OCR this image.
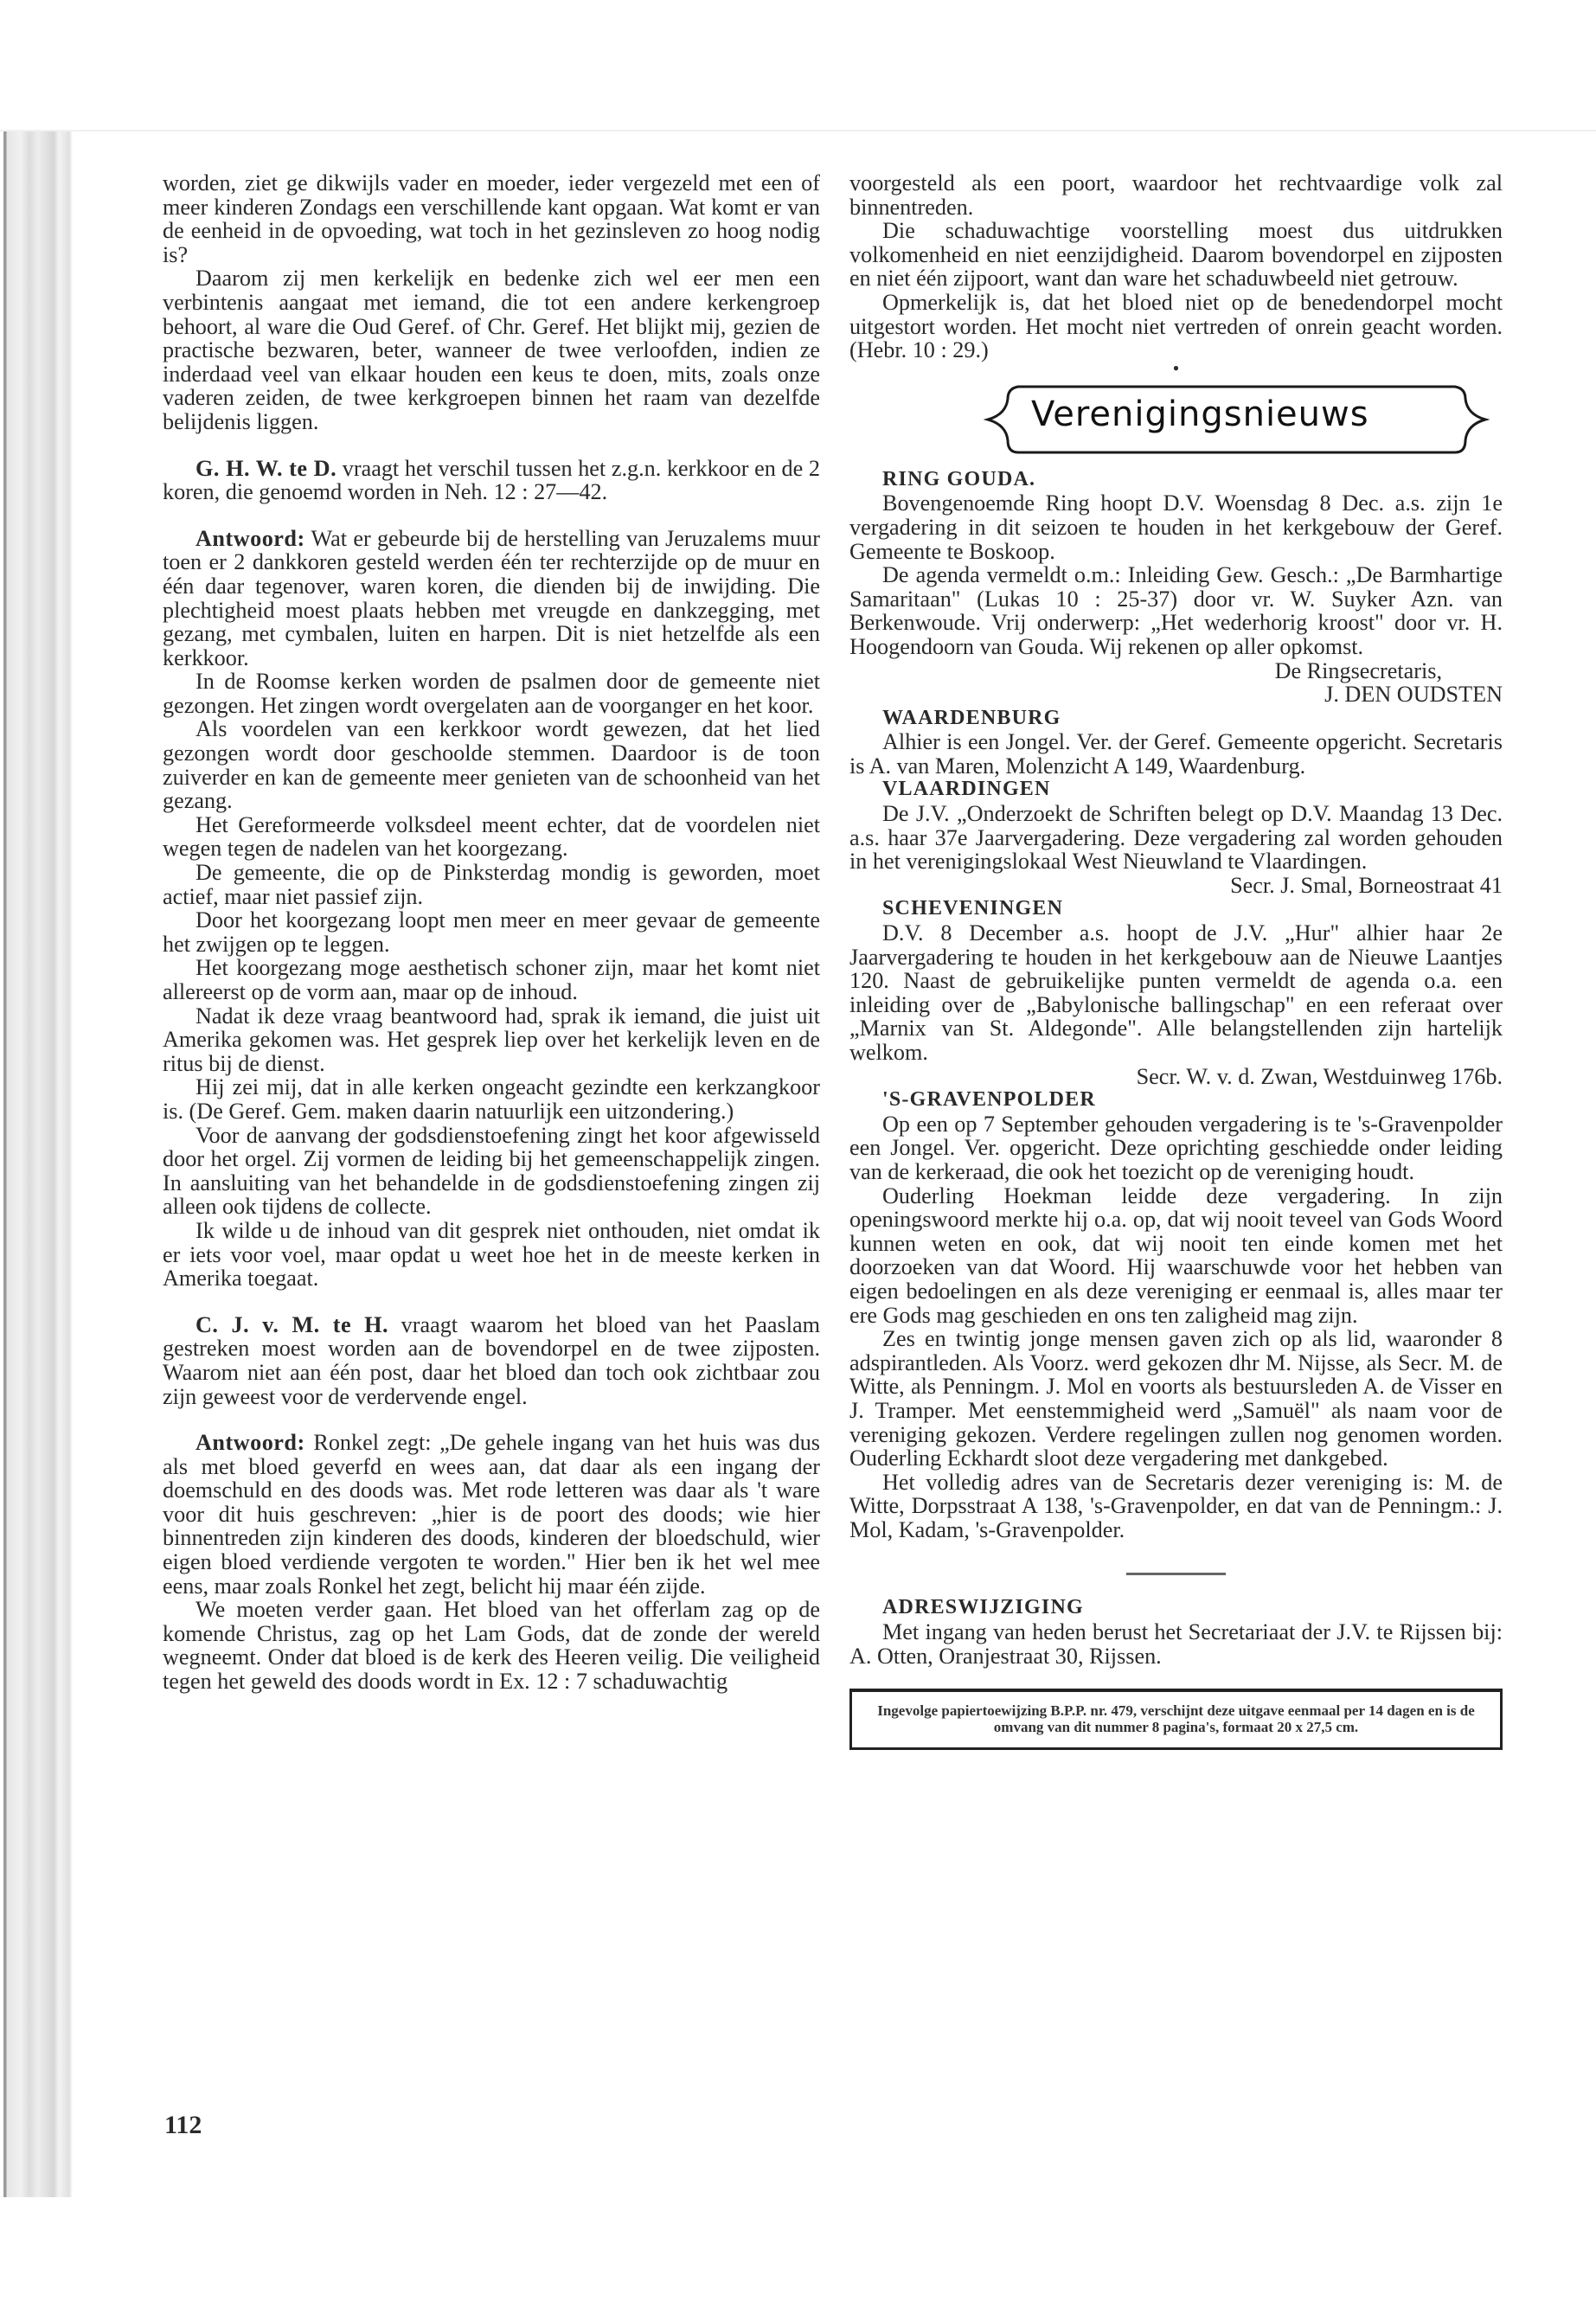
worden, ziet ge dikwijls vader en moeder, ieder vergezeld met een of meer kinderen Zondags een verschillende kant opgaan. Wat komt er van de eenheid in de opvoeding, wat toch in het gezinsleven zo hoog nodig is?

Daarom zij men kerkelijk en bedenke zich wel eer men een verbintenis aangaat met iemand, die tot een andere kerkengroep behoort, al ware die Oud Geref. of Chr. Geref. Het blijkt mij, gezien de practische bezwaren, beter, wanneer de twee verloofden, indien ze inderdaad veel van elkaar houden een keus te doen, mits, zoals onze vaderen zeiden, de twee kerkgroepen binnen het raam van dezelfde belijdenis liggen.

G. H. W. te D. vraagt het verschil tussen het z.g.n. kerkkoor en de 2 koren, die genoemd worden in Neh. 12 : 27—42.

Antwoord: Wat er gebeurde bij de herstelling van Jeruzalems muur toen er 2 dankkoren gesteld werden één ter rechterzijde op de muur en één daar tegenover, waren koren, die dienden bij de inwijding. Die plechtigheid moest plaats hebben met vreugde en dankzegging, met gezang, met cymbalen, luiten en harpen. Dit is niet hetzelfde als een kerkkoor.

In de Roomse kerken worden de psalmen door de gemeente niet gezongen. Het zingen wordt overgelaten aan de voorganger en het koor.

Als voordelen van een kerkkoor wordt gewezen, dat het lied gezongen wordt door geschoolde stemmen. Daardoor is de toon zuiverder en kan de gemeente meer genieten van de schoonheid van het gezang.

Het Gereformeerde volksdeel meent echter, dat de voordelen niet wegen tegen de nadelen van het koorgezang.

De gemeente, die op de Pinksterdag mondig is geworden, moet actief, maar niet passief zijn.

Door het koorgezang loopt men meer en meer gevaar de gemeente het zwijgen op te leggen.

Het koorgezang moge aesthetisch schoner zijn, maar het komt niet allereerst op de vorm aan, maar op de inhoud.

Nadat ik deze vraag beantwoord had, sprak ik iemand, die juist uit Amerika gekomen was. Het gesprek liep over het kerkelijk leven en de ritus bij de dienst.

Hij zei mij, dat in alle kerken ongeacht gezindte een kerkzangkoor is. (De Geref. Gem. maken daarin natuurlijk een uitzondering.)

Voor de aanvang der godsdienstoefening zingt het koor afgewisseld door het orgel. Zij vormen de leiding bij het gemeenschappelijk zingen. In aansluiting van het behandelde in de godsdienstoefening zingen zij alleen ook tijdens de collecte.

Ik wilde u de inhoud van dit gesprek niet onthouden, niet omdat ik er iets voor voel, maar opdat u weet hoe het in de meeste kerken in Amerika toegaat.

C. J. v. M. te H. vraagt waarom het bloed van het Paaslam gestreken moest worden aan de bovendorpel en de twee zijposten. Waarom niet aan één post, daar het bloed dan toch ook zichtbaar zou zijn geweest voor de verdervende engel.

Antwoord: Ronkel zegt: „De gehele ingang van het huis was dus als met bloed geverfd en wees aan, dat daar als een ingang der doemschuld en des doods was. Met rode letteren was daar als 't ware voor dit huis geschreven: „hier is de poort des doods; wie hier binnentreden zijn kinderen des doods, kinderen der bloedschuld, wier eigen bloed verdiende vergoten te worden." Hier ben ik het wel mee eens, maar zoals Ronkel het zegt, belicht hij maar één zijde.

We moeten verder gaan. Het bloed van het offerlam zag op de komende Christus, zag op het Lam Gods, dat de zonde der wereld wegneemt. Onder dat bloed is de kerk des Heeren veilig. Die veiligheid tegen het geweld des doods wordt in Ex. 12 : 7 schaduwachtig

voorgesteld als een poort, waardoor het rechtvaardige volk zal binnentreden.

Die schaduwachtige voorstelling moest dus uitdrukken volkomenheid en niet eenzijdigheid. Daarom bovendorpel en zijposten en niet één zijpoort, want dan ware het schaduwbeeld niet getrouw.

Opmerkelijk is, dat het bloed niet op de benedendorpel mocht uitgestort worden. Het mocht niet vertreden of onrein geacht worden. (Hebr. 10 : 29.)

•

Verenigingsnieuws

RING GOUDA.

Bovengenoemde Ring hoopt D.V. Woensdag 8 Dec. a.s. zijn 1e vergadering in dit seizoen te houden in het kerkgebouw der Geref. Gemeente te Boskoop.

De agenda vermeldt o.m.: Inleiding Gew. Gesch.: „De Barmhartige Samaritaan" (Lukas 10 : 25-37) door vr. W. Suyker Azn. van Berkenwoude. Vrij onderwerp: „Het wederhorig kroost" door vr. H. Hoogendoorn van Gouda. Wij rekenen op aller opkomst.

De Ringsecretaris,

J. DEN OUDSTEN

WAARDENBURG

Alhier is een Jongel. Ver. der Geref. Gemeente opgericht. Secretaris is A. van Maren, Molenzicht A 149, Waardenburg.

VLAARDINGEN

De J.V. „Onderzoekt de Schriften belegt op D.V. Maandag 13 Dec. a.s. haar 37e Jaarvergadering. Deze vergadering zal worden gehouden in het verenigingslokaal West Nieuwland te Vlaardingen.

Secr. J. Smal, Borneostraat 41

SCHEVENINGEN

D.V. 8 December a.s. hoopt de J.V. „Hur" alhier haar 2e Jaarvergadering te houden in het kerkgebouw aan de Nieuwe Laantjes 120. Naast de gebruikelijke punten vermeldt de agenda o.a. een inleiding over de „Babylonische ballingschap" en een referaat over „Marnix van St. Aldegonde". Alle belangstellenden zijn hartelijk welkom.

Secr. W. v. d. Zwan, Westduinweg 176b.

'S-GRAVENPOLDER

Op een op 7 September gehouden vergadering is te 's-Gravenpolder een Jongel. Ver. opgericht. Deze oprichting geschiedde onder leiding van de kerkeraad, die ook het toezicht op de vereniging houdt.

Ouderling Hoekman leidde deze vergadering. In zijn openingswoord merkte hij o.a. op, dat wij nooit teveel van Gods Woord kunnen weten en ook, dat wij nooit ten einde komen met het doorzoeken van dat Woord. Hij waarschuwde voor het hebben van eigen bedoelingen en als deze vereniging er eenmaal is, alles maar ter ere Gods mag geschieden en ons ten zaligheid mag zijn.

Zes en twintig jonge mensen gaven zich op als lid, waaronder 8 adspirantleden. Als Voorz. werd gekozen dhr M. Nijsse, als Secr. M. de Witte, als Penningm. J. Mol en voorts als bestuursleden A. de Visser en J. Tramper. Met eenstemmigheid werd „Samuël" als naam voor de vereniging gekozen. Verdere regelingen zullen nog genomen worden. Ouderling Eckhardt sloot deze vergadering met dankgebed.

Het volledig adres van de Secretaris dezer vereniging is: M. de Witte, Dorpsstraat A 138, 's-Gravenpolder, en dat van de Penningm.: J. Mol, Kadam, 's-Gravenpolder.

ADRESWIJZIGING

Met ingang van heden berust het Secretariaat der J.V. te Rijssen bij: A. Otten, Oranjestraat 30, Rijssen.

Ingevolge papiertoewijzing B.P.P. nr. 479, verschijnt deze uitgave eenmaal per 14 dagen en is de omvang van dit nummer 8 pagina's, formaat 20 x 27,5 cm.
112
